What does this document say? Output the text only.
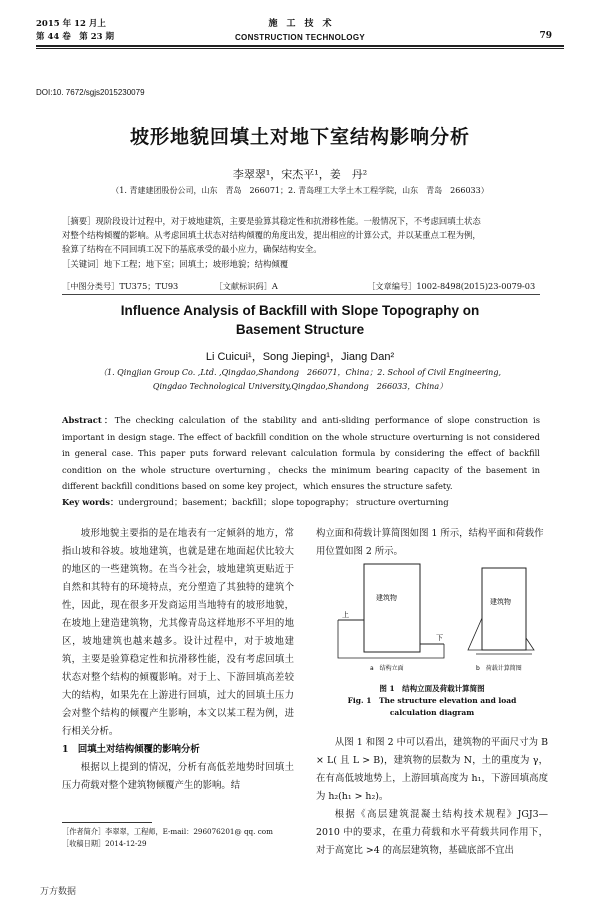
2015 年 12 月上
第 44 卷　第 23 期
施　工　技　术
CONSTRUCTION TECHNOLOGY	79
DOI:10. 7672/sgjs2015230079
坡形地貌回填土对地下室结构影响分析
李翠翠¹，宋杰平¹，姜　丹²
（1. 青建建团股份公司，山东　青岛　266071；2. 青岛理工大学土木工程学院，山东　青岛　266033）

［摘要］现阶段设计过程中，对于坡地建筑，主要是验算其稳定性和抗滑移性能。一般情况下，不考虑回填土状态

对整个结构倾覆的影响。从考虑回填土状态对结构倾覆的角度出发，提出相应的计算公式，并以某重点工程为例，

验算了结构在不同回填工况下的基底承受的最小应力，确保结构安全。

［关键词］地下工程；地下室；回填土；坡形地貌；结构倾覆

［中图分类号］TU375；TU93	［文献标识码］A	［文章编号］1002-8498(2015)23-0079-03
Influence Analysis of Backfill with Slope Topography on
Basement Structure
Li Cuicui¹，Song Jieping¹，Jiang Dan²
（1. Qingjian Group Co. ,Ltd. ,Qingdao,Shandong　266071，China；2. School of Civil Engineering,
Qingdao Technological University,Qingdao,Shandong　266033，China）
Abstract：The checking calculation of the stability and anti-sliding performance of slope construction is important in design stage. The effect of backfill condition on the whole structure overturning is not considered in general case. This paper puts forward relevant calculation formula by considering the effect of backfill condition on the whole structure overturning，checks the minimum bearing capacity of the basement in different backfill conditions based on some key project，which ensures the structure safety.
Key words：underground；basement；backfill；slope topography； structure overturning

坡形地貌主要指的是在地表有一定倾斜的地方，常指山坡和谷坡。坡地建筑，也就是建在地面起伏比较大的地区的一些建筑物。在当今社会，坡地建筑更贴近于自然和其特有的环境特点，充分塑造了其独特的建筑个性，因此，现在很多开发商运用当地特有的坡形地貌，在坡地上建造建筑物，尤其像青岛这样地形不平坦的地区，坡地建筑也越来越多。设计过程中，对于坡地建筑，主要是验算稳定性和抗滑移性能，没有考虑回填土状态对整个结构的倾覆影响。对于上、下游回填高差较大的结构，如果先在上游进行回填，过大的回填土压力会对整个结构的倾覆产生影响，本文以某工程为例，进行相关分析。

1　回填土对结构倾覆的影响分析

根据以上提到的情况，分析有高低差地势时回填土压力荷载对整个建筑物倾覆产生的影响。结

构立面和荷载计算简图如图 1 所示，结构平面和荷载作用位置如图 2 所示。

建筑物
上
下
a　结构立面
建筑物
b　荷载计算简图
图 1　结构立面及荷载计算简图
Fig. 1　The structure elevation and load
calculation diagram

从图 1 和图 2 中可以看出，建筑物的平面尺寸为 B × L( 且 L > B)，建筑物的层数为 N，土的重度为 γ，在有高低坡地势上，上游回填高度为 h₁，下游回填高度为 h₂(h₁ > h₂)。

根据《高层建筑混凝土结构技术规程》JGJ3—2010 中的要求，在重力荷载和水平荷载共同作用下，对于高宽比 >4 的高层建筑物，基础底部不宜出

［作者简介］李翠翠，工程师，E-mail：296076201@ qq. com
［收稿日期］2014-12-29
万方数据
